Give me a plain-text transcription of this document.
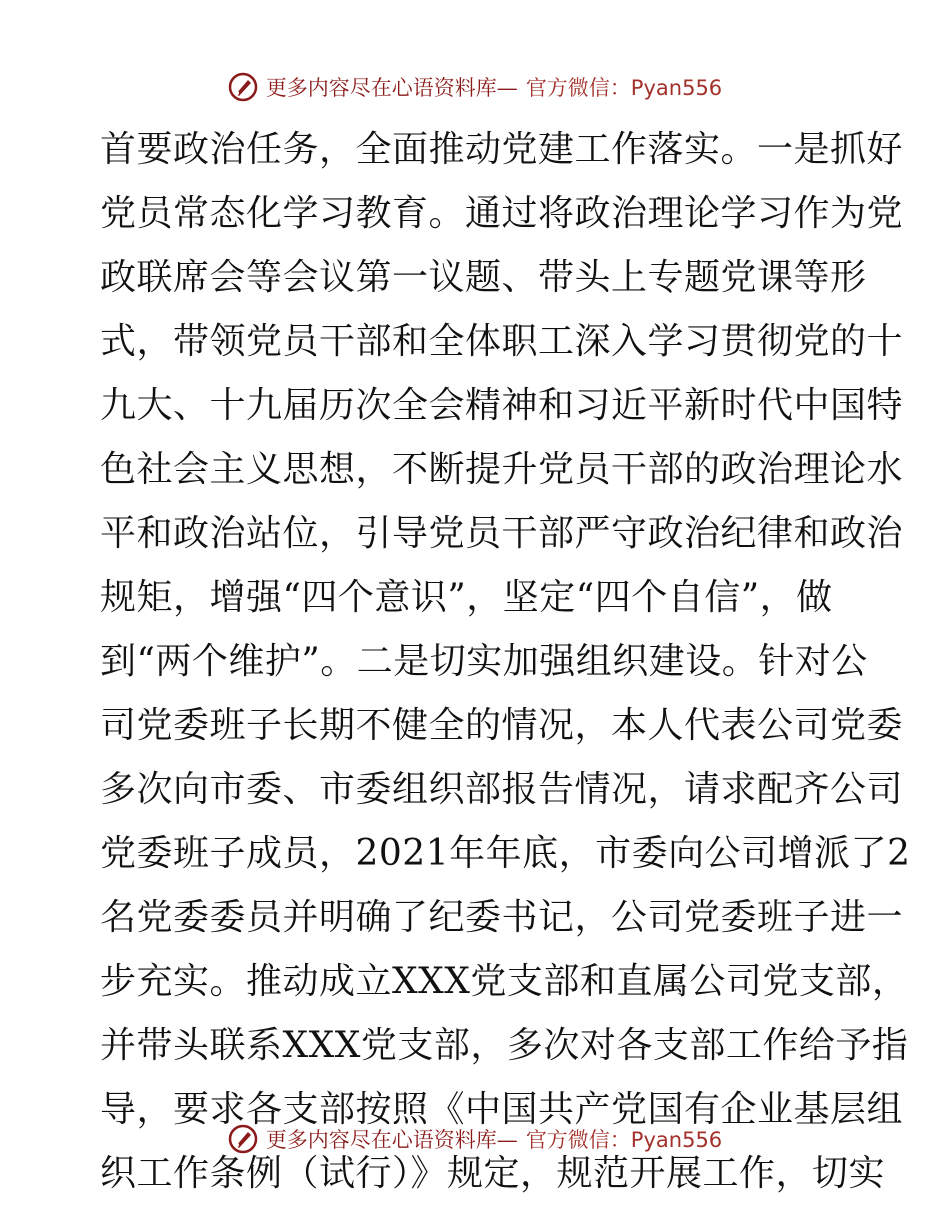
更多内容尽在心语资料库— 官方微信：Pyan556
首要政治任务，全面推动党建工作落实。一是抓好
党员常态化学习教育。通过将政治理论学习作为党
政联席会等会议第一议题、带头上专题党课等形
式，带领党员干部和全体职工深入学习贯彻党的十
九大、十九届历次全会精神和习近平新时代中国特
色社会主义思想，不断提升党员干部的政治理论水
平和政治站位，引导党员干部严守政治纪律和政治
规矩，增强“四个意识”，坚定“四个自信”，做
到“两个维护”。二是切实加强组织建设。针对公
司党委班子长期不健全的情况，本人代表公司党委
多次向市委、市委组织部报告情况，请求配齐公司
党委班子成员，2021年年底，市委向公司增派了2
名党委委员并明确了纪委书记，公司党委班子进一
步充实。推动成立XXX党支部和直属公司党支部，
并带头联系XXX党支部，多次对各支部工作给予指
导，要求各支部按照《中国共产党国有企业基层组
织工作条例（试行）》规定，规范开展工作，切实
更多内容尽在心语资料库— 官方微信：Pyan556
